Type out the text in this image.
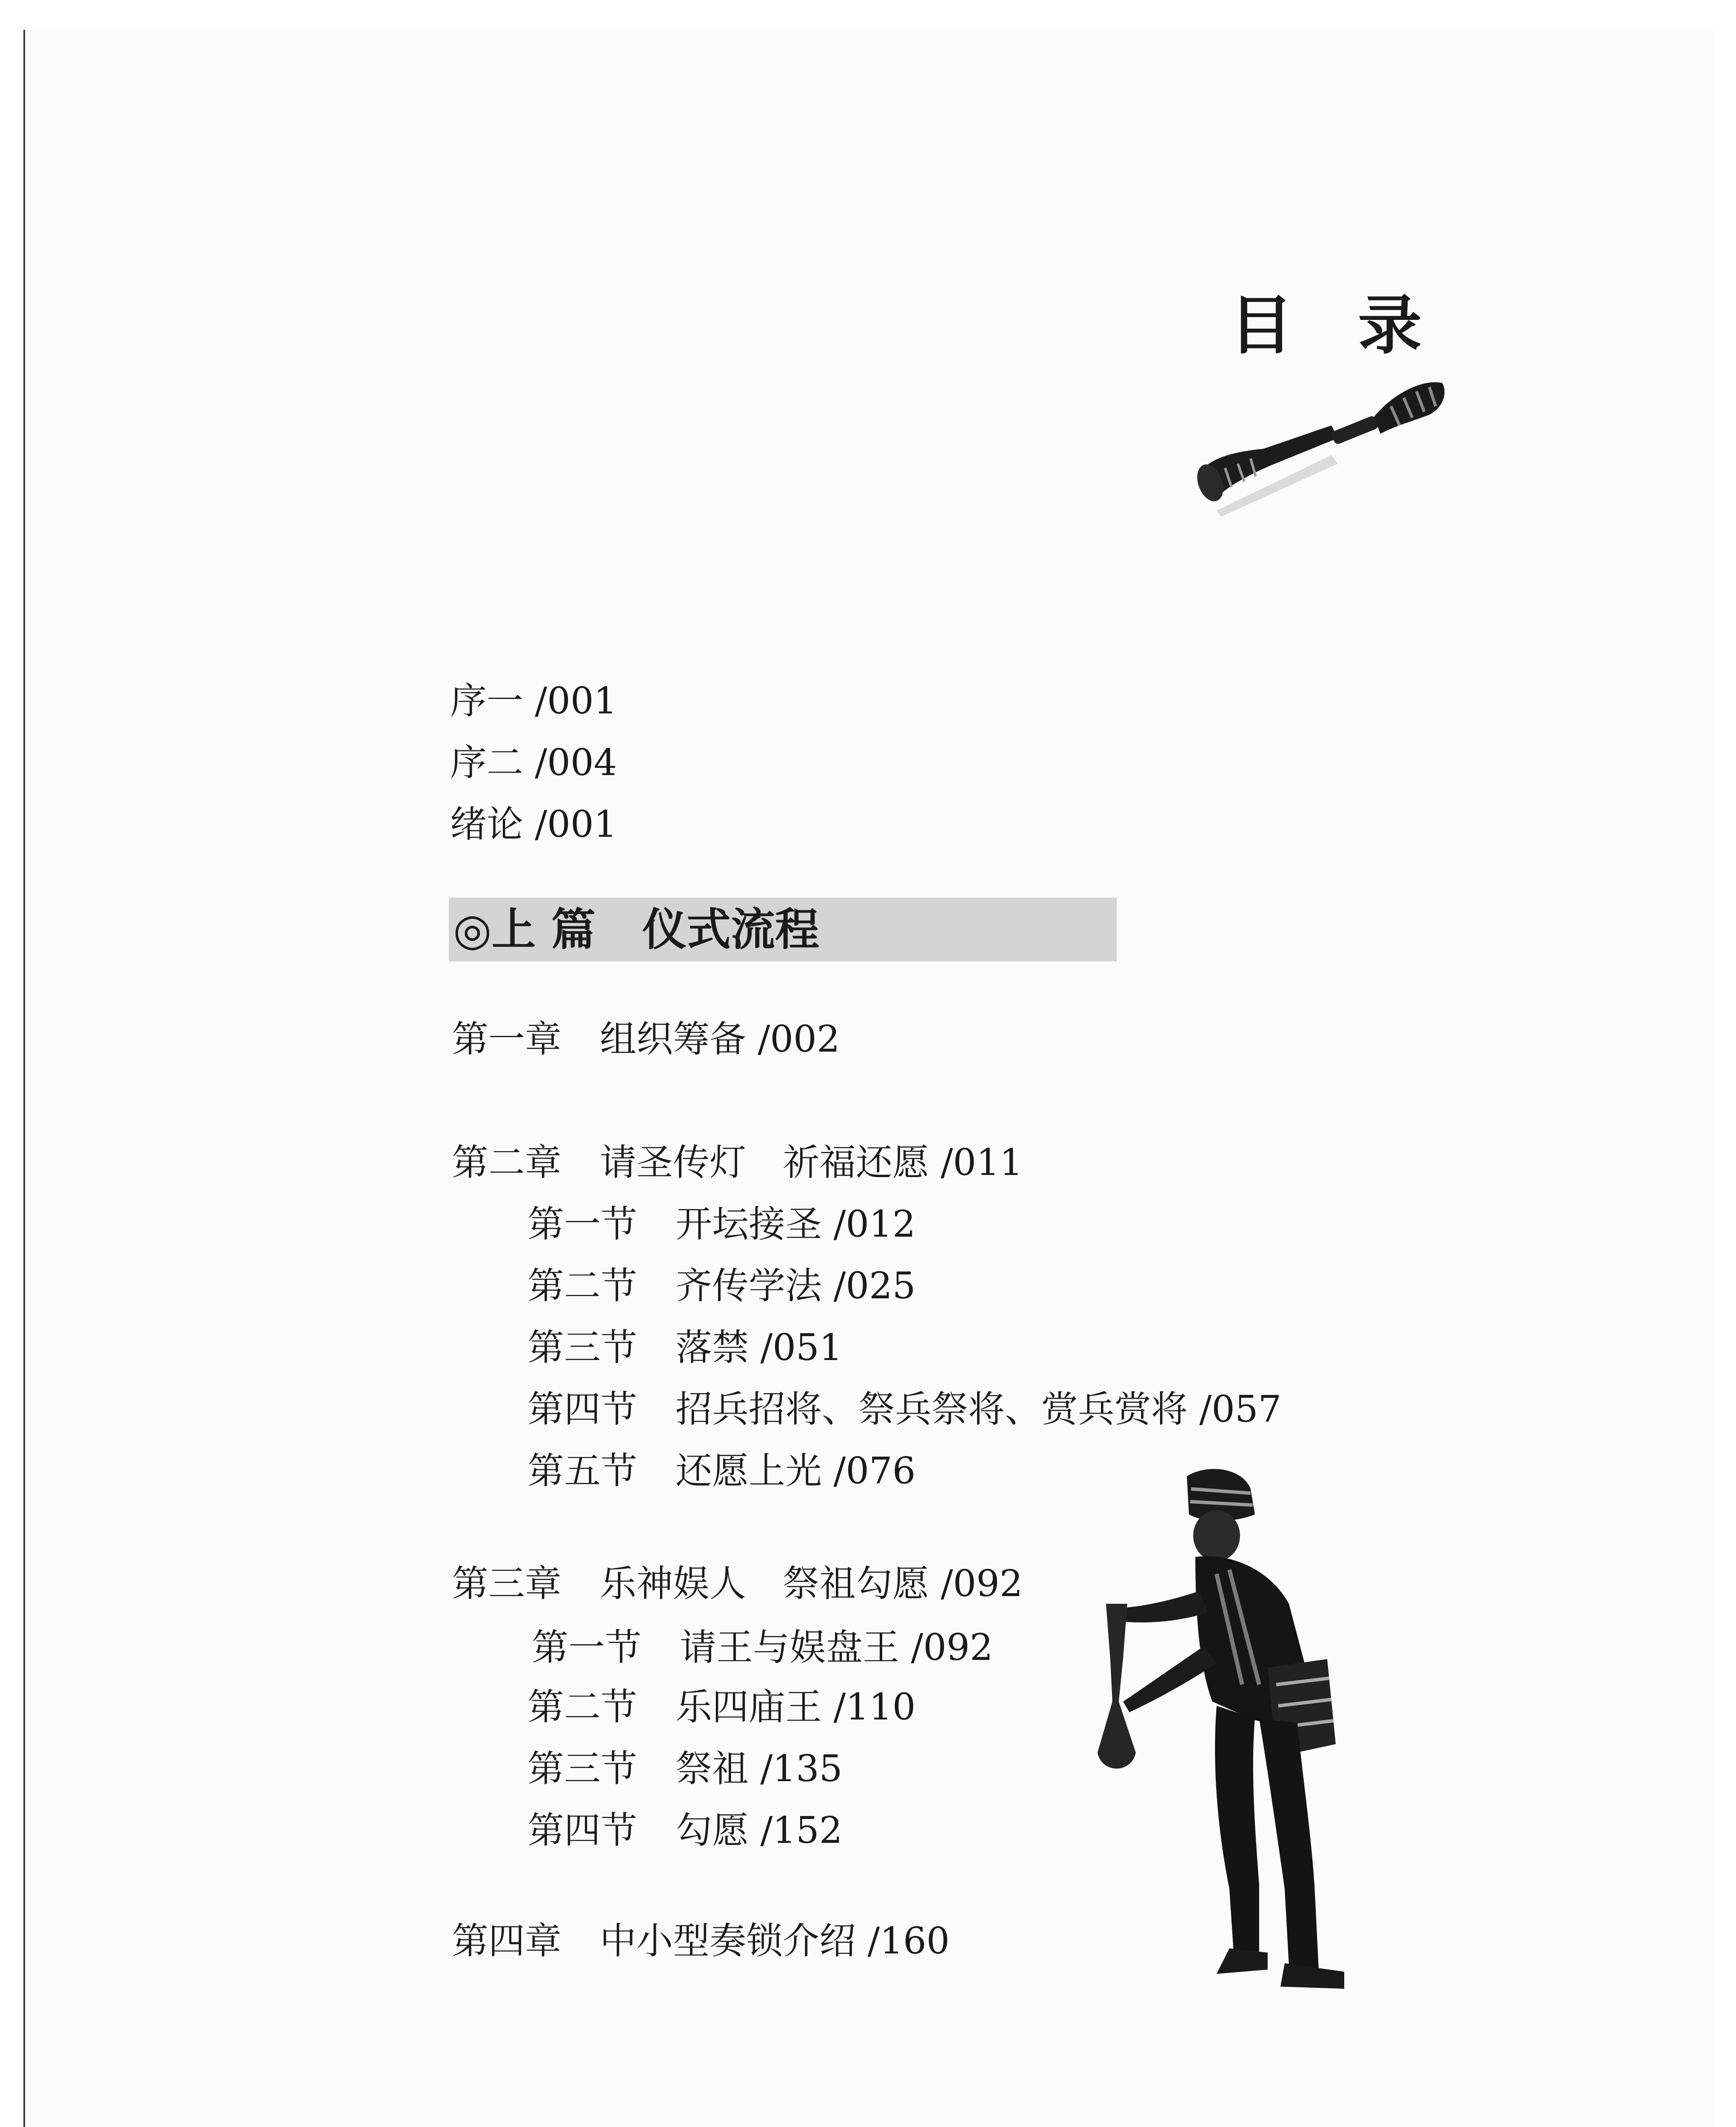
目 录
序一 /001
序二 /004
绪论 /001
◎上 篇 仪式流程
第一章 组织筹备 /002
第二章 请圣传灯　祈福还愿 /011
第一节 开坛接圣 /012
第二节 齐传学法 /025
第三节 落禁 /051
第四节 招兵招将、祭兵祭将、赏兵赏将 /057
第五节 还愿上光 /076
第三章 乐神娱人　祭祖勾愿 /092
第一节 请王与娱盘王 /092
第二节 乐四庙王 /110
第三节 祭祖 /135
第四节 勾愿 /152
第四章 中小型奏锁介绍 /160
